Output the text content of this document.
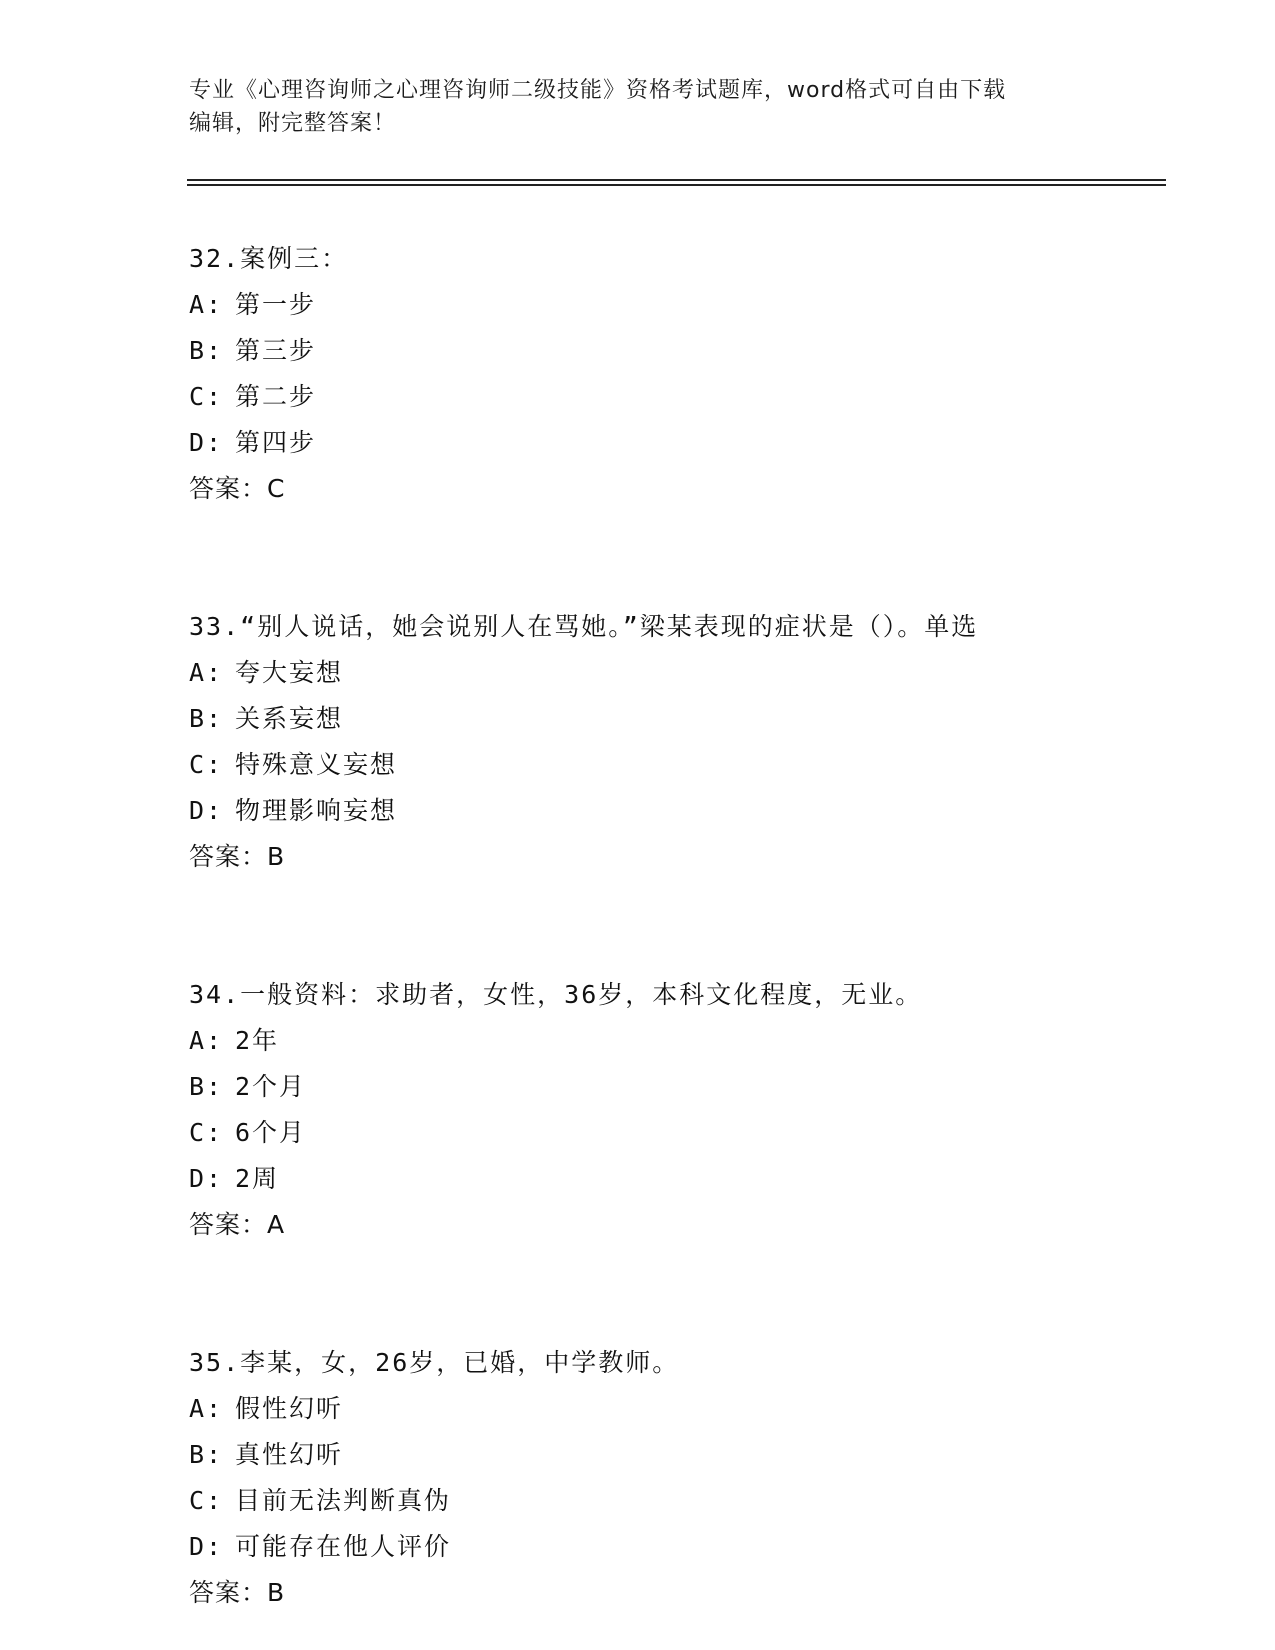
专业《心理咨询师之心理咨询师二级技能》资格考试题库，word格式可自由下载
编辑，附完整答案！
32.案例三：
A: 第一步
B: 第三步
C: 第二步
D: 第四步
答案：C
33.“别人说话，她会说别人在骂她。”梁某表现的症状是（）。单选
A: 夸大妄想
B: 关系妄想
C: 特殊意义妄想
D: 物理影响妄想
答案：B
34.一般资料：求助者，女性，36岁，本科文化程度，无业。
A: 2年
B: 2个月
C: 6个月
D: 2周
答案：A
35.李某，女，26岁，已婚，中学教师。
A: 假性幻听
B: 真性幻听
C: 目前无法判断真伪
D: 可能存在他人评价
答案：B
